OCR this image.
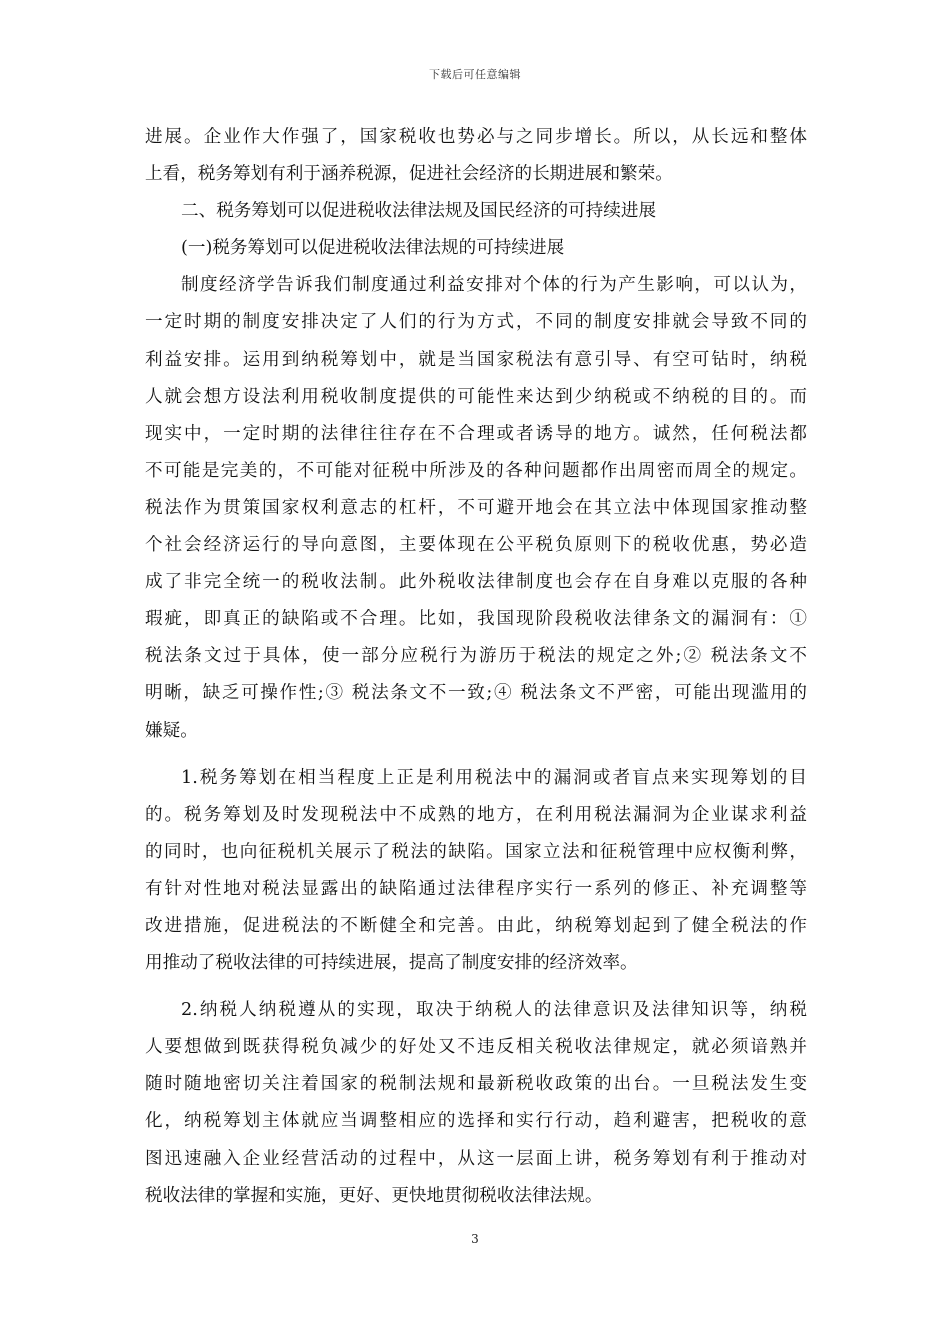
下载后可任意编辑
进展。企业作大作强了，国家税收也势必与之同步增长。所以，从长远和整体
上看，税务筹划有利于涵养税源，促进社会经济的长期进展和繁荣。
二、税务筹划可以促进税收法律法规及国民经济的可持续进展
(一)税务筹划可以促进税收法律法规的可持续进展
制度经济学告诉我们制度通过利益安排对个体的行为产生影响，可以认为，
一定时期的制度安排决定了人们的行为方式，不同的制度安排就会导致不同的
利益安排。运用到纳税筹划中，就是当国家税法有意引导、有空可钻时，纳税
人就会想方设法利用税收制度提供的可能性来达到少纳税或不纳税的目的。而
现实中，一定时期的法律往往存在不合理或者诱导的地方。诚然，任何税法都
不可能是完美的，不可能对征税中所涉及的各种问题都作出周密而周全的规定。
税法作为贯策国家权利意志的杠杆，不可避开地会在其立法中体现国家推动整
个社会经济运行的导向意图，主要体现在公平税负原则下的税收优惠，势必造
成了非完全统一的税收法制。此外税收法律制度也会存在自身难以克服的各种
瑕疵，即真正的缺陷或不合理。比如，我国现阶段税收法律条文的漏洞有：①
税法条文过于具体，使一部分应税行为游历于税法的规定之外;② 税法条文不
明晰，缺乏可操作性;③ 税法条文不一致;④ 税法条文不严密，可能出现滥用的
嫌疑。
1.税务筹划在相当程度上正是利用税法中的漏洞或者盲点来实现筹划的目
的。税务筹划及时发现税法中不成熟的地方，在利用税法漏洞为企业谋求利益
的同时，也向征税机关展示了税法的缺陷。国家立法和征税管理中应权衡利弊，
有针对性地对税法显露出的缺陷通过法律程序实行一系列的修正、补充调整等
改进措施，促进税法的不断健全和完善。由此，纳税筹划起到了健全税法的作
用推动了税收法律的可持续进展，提高了制度安排的经济效率。
2.纳税人纳税遵从的实现，取决于纳税人的法律意识及法律知识等，纳税
人要想做到既获得税负减少的好处又不违反相关税收法律规定，就必须谙熟并
随时随地密切关注着国家的税制法规和最新税收政策的出台。一旦税法发生变
化，纳税筹划主体就应当调整相应的选择和实行行动，趋利避害，把税收的意
图迅速融入企业经营活动的过程中，从这一层面上讲，税务筹划有利于推动对
税收法律的掌握和实施，更好、更快地贯彻税收法律法规。
3
